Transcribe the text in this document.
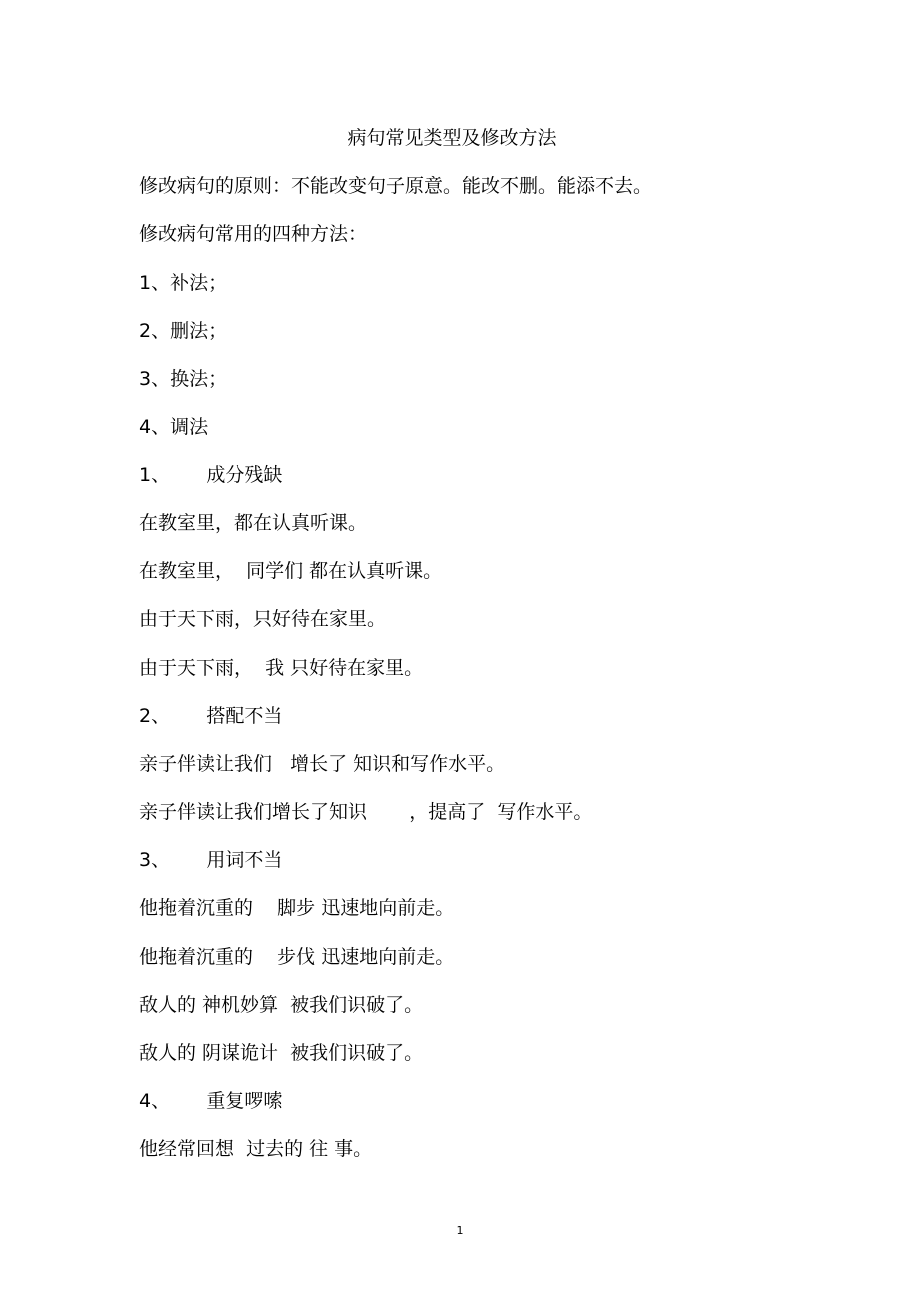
病句常见类型及修改方法
修改病句的原则：不能改变句子原意。能改不删。能添不去。
修改病句常用的四种方法：
1、补法；
2、删法；
3、换法；
4、调法
1、      成分残缺
在教室里，都在认真听课。
在教室里，  同学们 都在认真听课。
由于天下雨，只好待在家里。
由于天下雨，  我 只好待在家里。
2、      搭配不当
亲子伴读让我们   增长了 知识和写作水平。
亲子伴读让我们增长了知识       ，提高了  写作水平。
3、      用词不当
他拖着沉重的    脚步 迅速地向前走。
他拖着沉重的    步伐 迅速地向前走。
敌人的 神机妙算  被我们识破了。
敌人的 阴谋诡计  被我们识破了。
4、      重复啰嗦
他经常回想  过去的 往 事。
1
